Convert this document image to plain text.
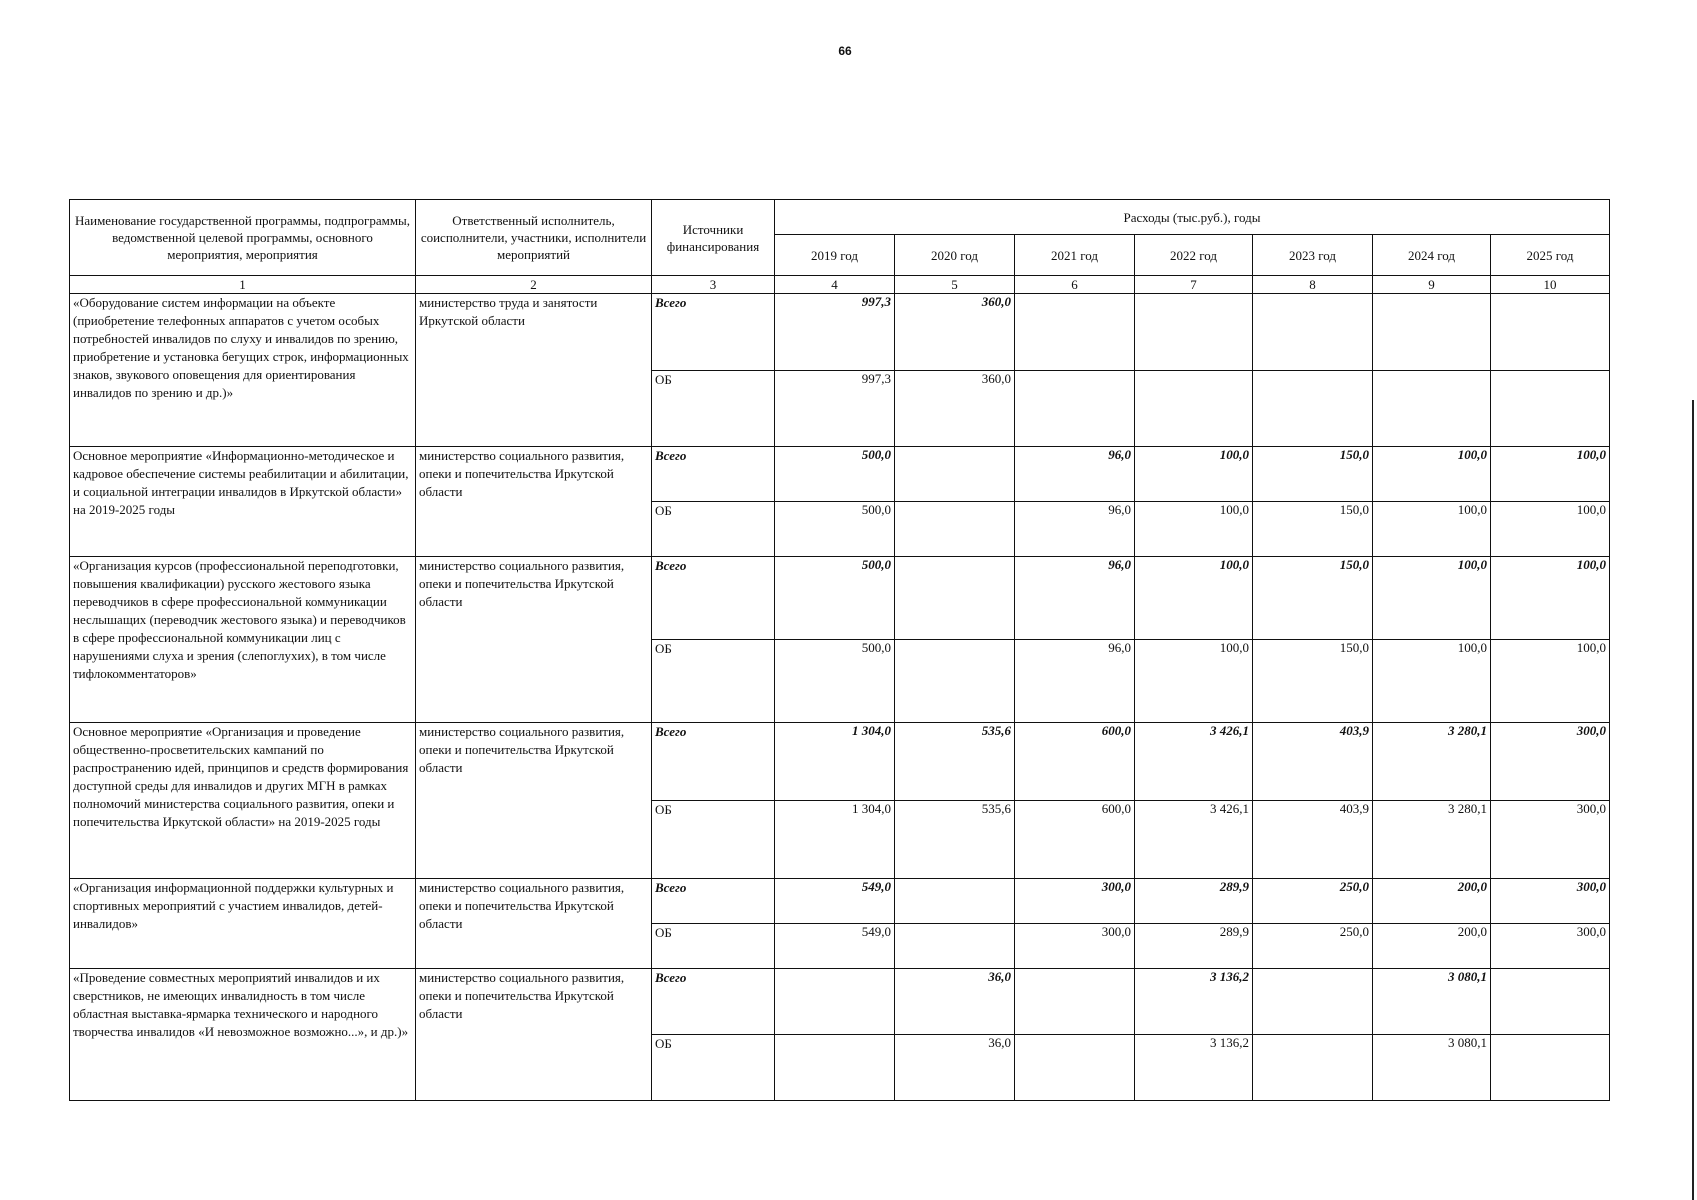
66
Наименование государственной программы, подпрограммы, ведомственной целевой программы, основного мероприятия, мероприятия	Ответственный исполнитель, соисполнители, участники, исполнители мероприятий	Источники финансирования	Расходы (тыс.руб.), годы						
			2019 год	2020 год	2021 год	2022 год	2023 год	2024 год	2025 год
1	2	3	4	5	6	7	8	9	10
«Оборудование систем информации на объекте (приобретение телефонных аппаратов с учетом особых потребностей инвалидов по слуху и инвалидов по зрению, приобретение и установка бегущих строк, информационных знаков, звукового оповещения для ориентирования инвалидов по зрению и др.)»	министерство труда и занятости Иркутской области	Всего	997,3	360,0					
		ОБ	997,3	360,0					
Основное мероприятие «Информационно-методическое и кадровое обеспечение системы реабилитации и абилитации, и социальной интеграции инвалидов в Иркутской области» на 2019-2025 годы	министерство социального развития, опеки и попечительства Иркутской области	Всего	500,0		96,0	100,0	150,0	100,0	100,0
		ОБ	500,0		96,0	100,0	150,0	100,0	100,0
«Организация курсов (профессиональной переподготовки, повышения квалификации) русского жестового языка переводчиков в сфере профессиональной коммуникации неслышащих (переводчик жестового языка) и переводчиков в сфере профессиональной коммуникации лиц с нарушениями слуха и зрения (слепоглухих), в том числе тифлокомментаторов»	министерство социального развития, опеки и попечительства Иркутской области	Всего	500,0		96,0	100,0	150,0	100,0	100,0
		ОБ	500,0		96,0	100,0	150,0	100,0	100,0
Основное мероприятие «Организация и проведение общественно-просветительских кампаний по распространению идей, принципов и средств формирования доступной среды для инвалидов и других МГН в рамках полномочий министерства социального развития, опеки и попечительства Иркутской области» на 2019-2025 годы	министерство социального развития, опеки и попечительства Иркутской области	Всего	1 304,0	535,6	600,0	3 426,1	403,9	3 280,1	300,0
		ОБ	1 304,0	535,6	600,0	3 426,1	403,9	3 280,1	300,0
«Организация информационной поддержки культурных и спортивных мероприятий с участием инвалидов, детей-инвалидов»	министерство социального развития, опеки и попечительства Иркутской области	Всего	549,0		300,0	289,9	250,0	200,0	300,0
		ОБ	549,0		300,0	289,9	250,0	200,0	300,0
«Проведение совместных мероприятий инвалидов и их сверстников, не имеющих инвалидность в том числе областная выставка-ярмарка технического и народного творчества инвалидов «И невозможное возможно...», и др.)»	министерство социального развития, опеки и попечительства Иркутской области	Всего		36,0		3 136,2		3 080,1	
		ОБ		36,0		3 136,2		3 080,1	
